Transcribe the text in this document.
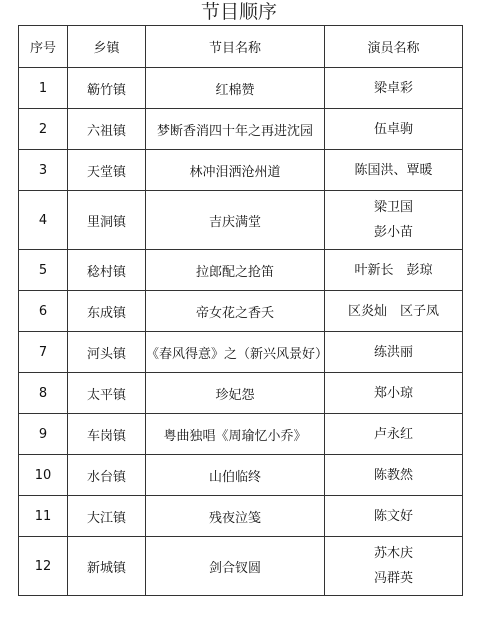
节目顺序
序号	乡镇	节目名称	演员名称
1	簕竹镇	红棉赞	梁卓彩

2	六祖镇	梦断香消四十年之再进沈园	伍卓驹

3	天堂镇	林冲泪洒沧州道	陈国洪、覃暖

4	里洞镇	吉庆满堂	梁卫国
彭小苗

5	稔村镇	拉郎配之抢笛	叶新长　彭琼

6	东成镇	帝女花之香夭	区炎灿　区子凤

7	河头镇	《春风得意》之（新兴风景好）	练洪丽

8	太平镇	珍妃怨	郑小琼

9	车岗镇	粤曲独唱《周瑜忆小乔》	卢永红

10	水台镇	山伯临终	陈教然

11	大江镇	残夜泣笺	陈文好

12	新城镇	剑合钗圆	苏木庆
冯群英
